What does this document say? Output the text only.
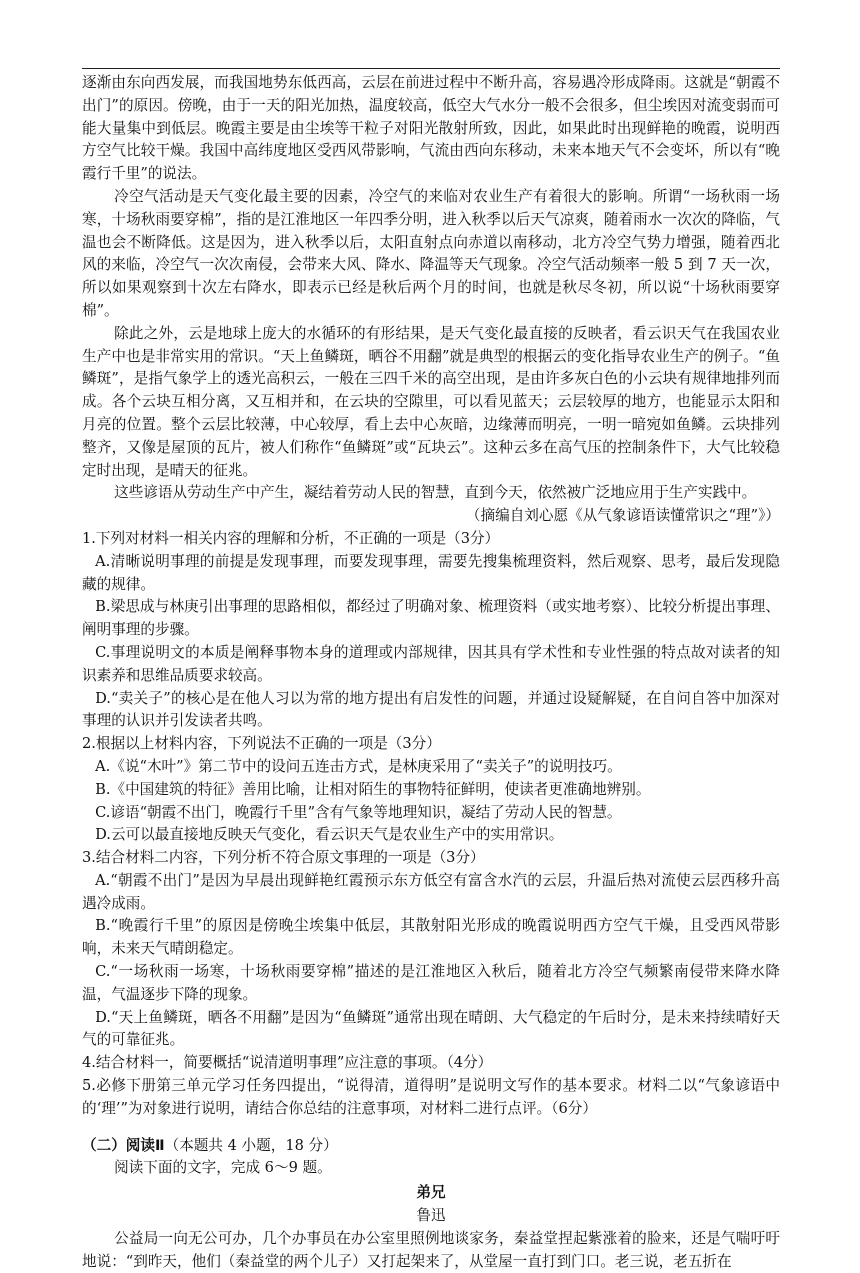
逐渐由东向西发展，而我国地势东低西高，云层在前进过程中不断升高，容易遇冷形成降雨。这就是“朝霞不出门”的原因。傍晚，由于一天的阳光加热，温度较高，低空大气水分一般不会很多，但尘埃因对流变弱而可能大量集中到低层。晚霞主要是由尘埃等干粒子对阳光散射所致，因此，如果此时出现鲜艳的晚霞，说明西方空气比较干燥。我国中高纬度地区受西风带影响，气流由西向东移动，未来本地天气不会变坏，所以有“晚霞行千里”的说法。

冷空气活动是天气变化最主要的因素，冷空气的来临对农业生产有着很大的影响。所谓“一场秋雨一场寒，十场秋雨要穿棉”，指的是江淮地区一年四季分明，进入秋季以后天气凉爽，随着雨水一次次的降临，气温也会不断降低。这是因为，进入秋季以后，太阳直射点向赤道以南移动，北方冷空气势力增强，随着西北风的来临，冷空气一次次南侵，会带来大风、降水、降温等天气现象。冷空气活动频率一般 5 到 7 天一次，所以如果观察到十次左右降水，即表示已经是秋后两个月的时间，也就是秋尽冬初，所以说“十场秋雨要穿棉”。

除此之外，云是地球上庞大的水循环的有形结果，是天气变化最直接的反映者，看云识天气在我国农业生产中也是非常实用的常识。“天上鱼鳞斑，晒谷不用翻”就是典型的根据云的变化指导农业生产的例子。“鱼鳞斑”，是指气象学上的透光高积云，一般在三四千米的高空出现，是由许多灰白色的小云块有规律地排列而成。各个云块互相分离，又互相并和，在云块的空隙里，可以看见蓝天；云层较厚的地方，也能显示太阳和月亮的位置。整个云层比较薄，中心较厚，看上去中心灰暗，边缘薄而明亮，一明一暗宛如鱼鳞。云块排列整齐，又像是屋顶的瓦片，被人们称作“鱼鳞斑”或“瓦块云”。这种云多在高气压的控制条件下，大气比较稳定时出现，是晴天的征兆。

这些谚语从劳动生产中产生，凝结着劳动人民的智慧，直到今天，依然被广泛地应用于生产实践中。

（摘编自刘心愿《从气象谚语读懂常识之“理”》）

1.下列对材料一相关内容的理解和分析，不正确的一项是（3分）

A.清晰说明事理的前提是发现事理，而要发现事理，需要先搜集梳理资料，然后观察、思考，最后发现隐藏的规律。

B.梁思成与林庚引出事理的思路相似，都经过了明确对象、梳理资料（或实地考察）、比较分析提出事理、阐明事理的步骤。

C.事理说明文的本质是阐释事物本身的道理或内部规律，因其具有学术性和专业性强的特点故对读者的知识素养和思维品质要求较高。

D.“卖关子”的核心是在他人习以为常的地方提出有启发性的问题，并通过设疑解疑，在自问自答中加深对事理的认识并引发读者共鸣。

2.根据以上材料内容，下列说法不正确的一项是（3分）

A.《说“木叶”》第二节中的设问五连击方式，是林庚采用了“卖关子”的说明技巧。

B.《中国建筑的特征》善用比喻，让相对陌生的事物特征鲜明，使读者更准确地辨别。

C.谚语“朝霞不出门，晚霞行千里”含有气象等地理知识，凝结了劳动人民的智慧。

D.云可以最直接地反映天气变化，看云识天气是农业生产中的实用常识。

3.结合材料二内容，下列分析不符合原文事理的一项是（3分）

A.“朝霞不出门”是因为早晨出现鲜艳红霞预示东方低空有富含水汽的云层，升温后热对流使云层西移升高遇冷成雨。

B.“晚霞行千里”的原因是傍晚尘埃集中低层，其散射阳光形成的晚霞说明西方空气干燥，且受西风带影响，未来天气晴朗稳定。

C.“一场秋雨一场寒，十场秋雨要穿棉”描述的是江淮地区入秋后，随着北方冷空气频繁南侵带来降水降温，气温逐步下降的现象。

D.“天上鱼鳞斑，晒各不用翻”是因为“鱼鳞斑”通常出现在晴朗、大气稳定的午后时分，是未来持续晴好天气的可靠征兆。

4.结合材料一，简要概括“说清道明事理”应注意的事项。（4分）

5.必修下册第三单元学习任务四提出，“说得清，道得明”是说明文写作的基本要求。材料二以“气象谚语中的‘理’”为对象进行说明，请结合你总结的注意事项，对材料二进行点评。（6分）

（二）阅读Ⅱ（本题共 4 小题，18 分）

阅读下面的文字，完成 6～9 题。

弟兄

鲁迅

公益局一向无公可办，几个办事员在办公室里照例地谈家务，秦益堂捏起紫涨着的脸来，还是气喘吁吁地说：“到昨天，他们（秦益堂的两个儿子）又打起架来了，从堂屋一直打到门口。老三说，老五折在
